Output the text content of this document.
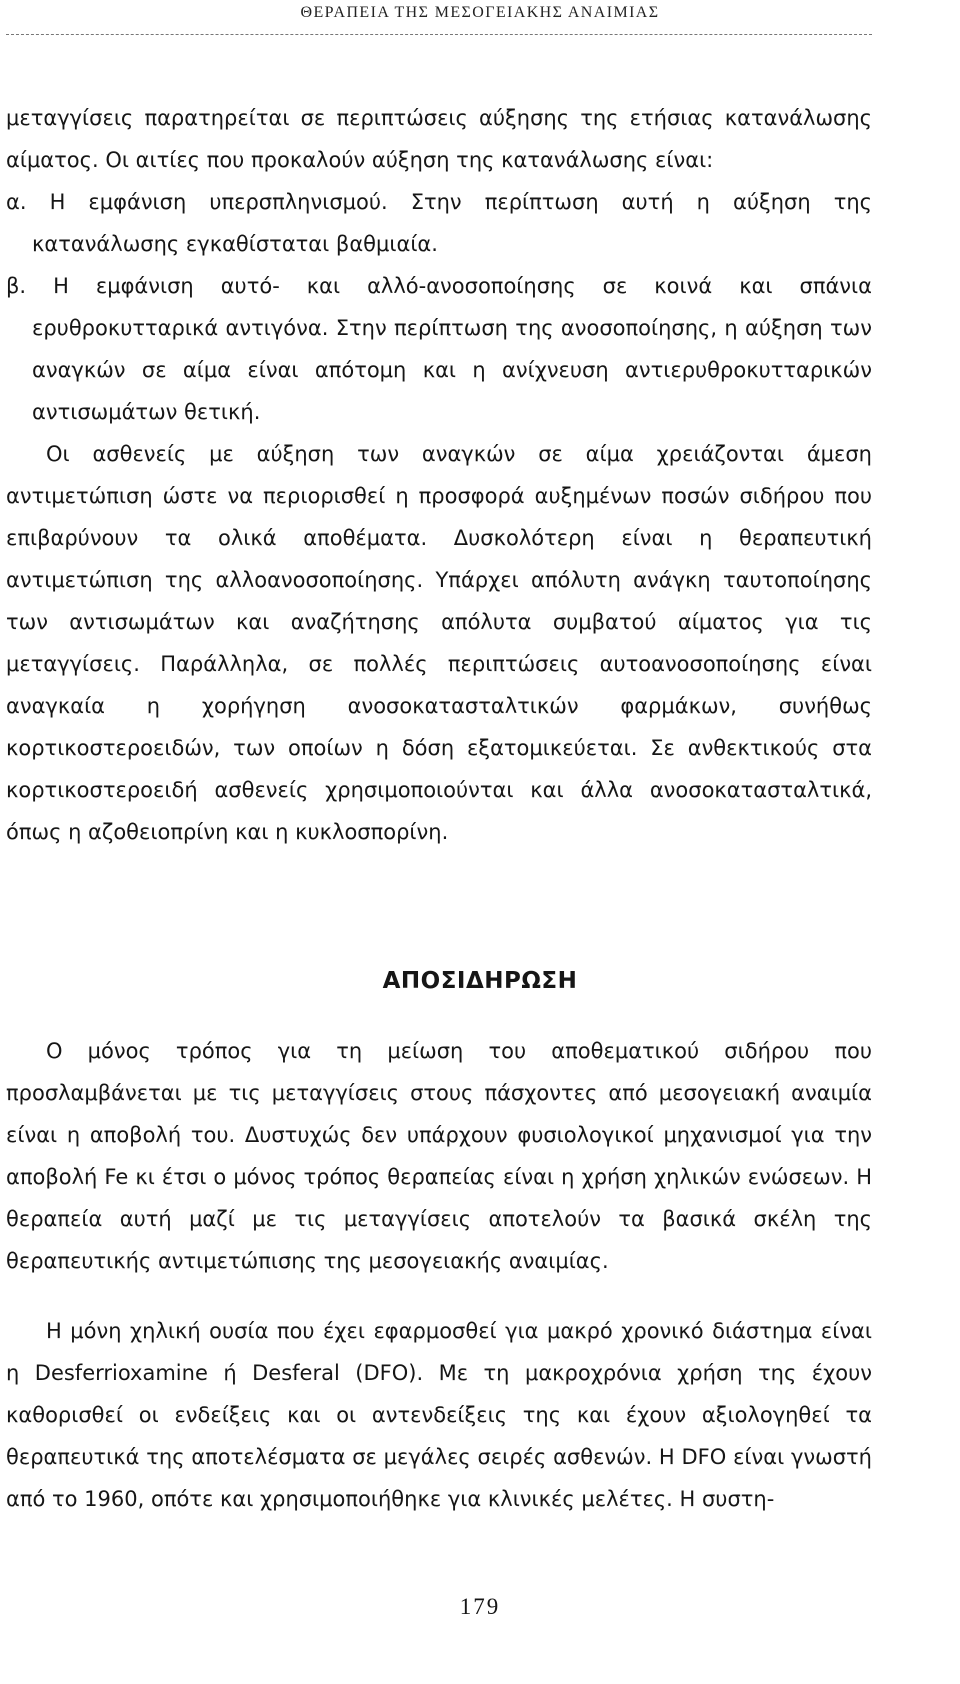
ΘΕΡΑΠΕΙΑ ΤΗΣ ΜΕΣΟΓΕΙΑΚΗΣ ΑΝΑΙΜΙΑΣ

μεταγγίσεις παρατηρείται σε περιπτώσεις αύξησης της ετήσιας κατανάλωσης αίματος. Οι αιτίες που προκαλούν αύξηση της κατανάλωσης είναι:

α. Η εμφάνιση υπερσπληνισμού. Στην περίπτωση αυτή η αύξηση της κατανάλωσης εγκαθίσταται βαθμιαία.

β. Η εμφάνιση αυτό- και αλλό-ανοσοποίησης σε κοινά και σπάνια ερυθροκυτταρικά αντιγόνα. Στην περίπτωση της ανοσοποίησης, η αύξηση των αναγκών σε αίμα είναι απότομη και η ανίχνευση αντιερυθροκυτταρικών αντισωμάτων θετική.

Οι ασθενείς με αύξηση των αναγκών σε αίμα χρειάζονται άμεση αντιμετώπιση ώστε να περιορισθεί η προσφορά αυξημένων ποσών σιδήρου που επιβαρύνουν τα ολικά αποθέματα. Δυσκολότερη είναι η θεραπευτική αντιμετώπιση της αλλοανοσοποίησης. Υπάρχει απόλυτη ανάγκη ταυτοποίησης των αντισωμάτων και αναζήτησης απόλυτα συμβατού αίματος για τις μεταγγίσεις. Παράλληλα, σε πολλές περιπτώσεις αυτοανοσοποίησης είναι αναγκαία η χορήγηση ανοσοκατασταλτικών φαρμάκων, συνήθως κορτικοστεροειδών, των οποίων η δόση εξατομικεύεται. Σε ανθεκτικούς στα κορτικοστεροειδή ασθενείς χρησιμοποιούνται και άλλα ανοσοκατασταλτικά, όπως η αζοθειοπρίνη και η κυκλοσπορίνη.

ΑΠΟΣΙΔΗΡΩΣΗ

Ο μόνος τρόπος για τη μείωση του αποθεματικού σιδήρου που προσλαμβάνεται με τις μεταγγίσεις στους πάσχοντες από μεσογειακή αναιμία είναι η αποβολή του. Δυστυχώς δεν υπάρχουν φυσιολογικοί μηχανισμοί για την αποβολή Fe κι έτσι ο μόνος τρόπος θεραπείας είναι η χρήση χηλικών ενώσεων. Η θεραπεία αυτή μαζί με τις μεταγγίσεις αποτελούν τα βασικά σκέλη της θεραπευτικής αντιμετώπισης της μεσογειακής αναιμίας.

Η μόνη χηλική ουσία που έχει εφαρμοσθεί για μακρό χρονικό διάστημα είναι η Desferrioxamine ή Desferal (DFO). Με τη μακροχρόνια χρήση της έχουν καθορισθεί οι ενδείξεις και οι αντενδείξεις της και έχουν αξιολογηθεί τα θεραπευτικά της αποτελέσματα σε μεγάλες σειρές ασθενών. Η DFO είναι γνωστή από το 1960, οπότε και χρησιμοποιήθηκε για κλινικές μελέτες. Η συστη-

179
